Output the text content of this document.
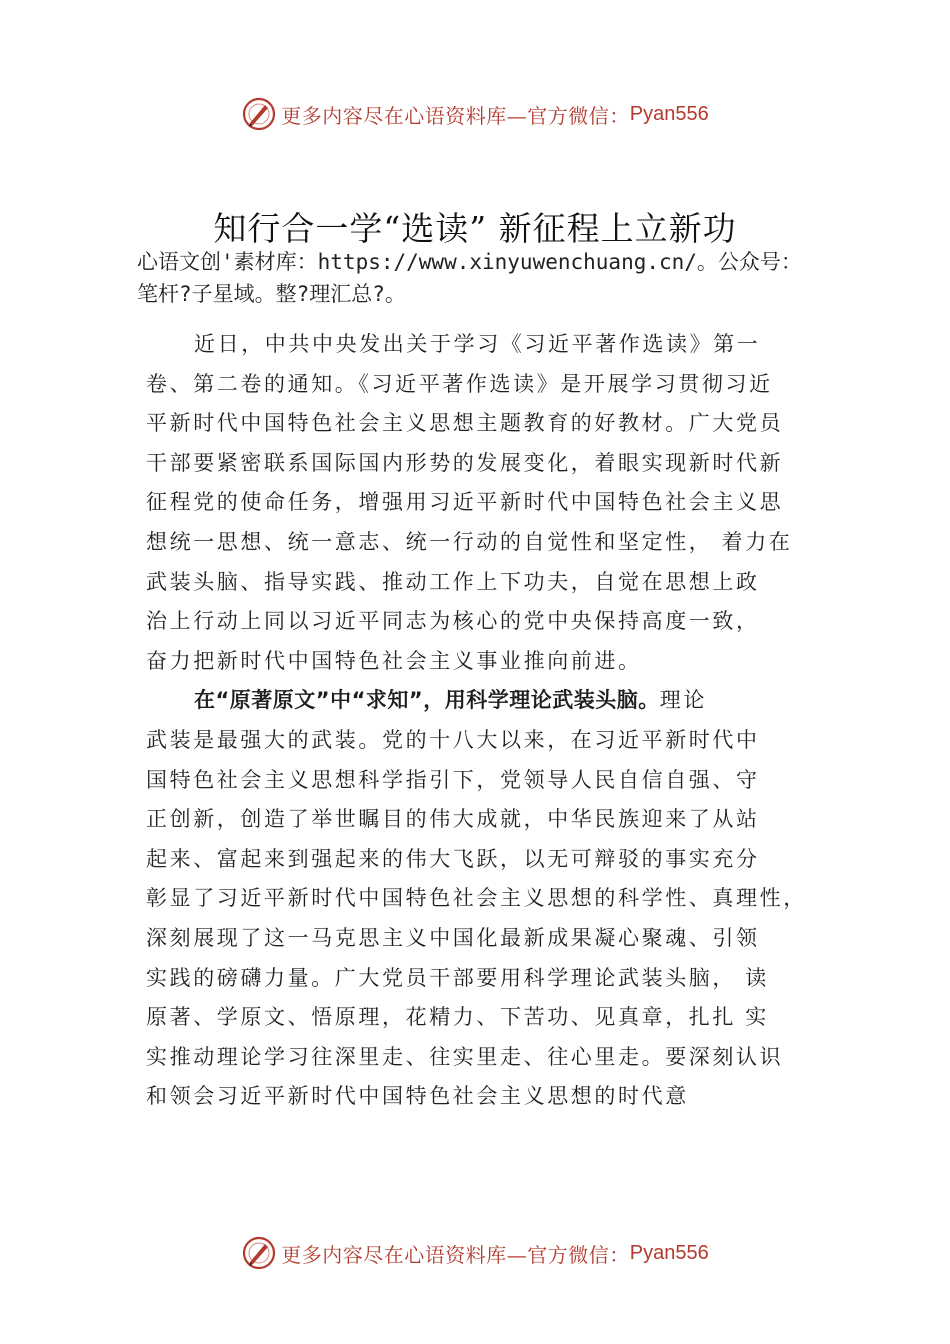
更多内容尽在心语资料库—官方微信： Pyan556
知行合一学“选读” 新征程上立新功
心语文创'素材库：https://www.xinyuwenchuang.cn/。公众号：
笔杆?子星域。整?理汇总?。
近日，中共中央发出关于学习《习近平著作选读》第一
卷、第二卷的通知。《习近平著作选读》是开展学习贯彻习近
平新时代中国特色社会主义思想主题教育的好教材。广大党员
干部要紧密联系国际国内形势的发展变化，着眼实现新时代新
征程党的使命任务，增强用习近平新时代中国特色社会主义思
想统一思想、统一意志、统一行动的自觉性和坚定性， 着力在
武装头脑、指导实践、推动工作上下功夫，自觉在思想上政
治上行动上同以习近平同志为核心的党中央保持高度一致，
奋力把新时代中国特色社会主义事业推向前进。
在“原著原文”中“求知”，用科学理论武装头脑。理论
武装是最强大的武装。党的十八大以来，在习近平新时代中
国特色社会主义思想科学指引下，党领导人民自信自强、守
正创新，创造了举世瞩目的伟大成就，中华民族迎来了从站
起来、富起来到强起来的伟大飞跃，以无可辩驳的事实充分
彰显了习近平新时代中国特色社会主义思想的科学性、真理性，
深刻展现了这一马克思主义中国化最新成果凝心聚魂、引领
实践的磅礴力量。广大党员干部要用科学理论武装头脑， 读
原著、学原文、悟原理，花精力、下苦功、见真章，扎扎 实
实推动理论学习往深里走、往实里走、往心里走。要深刻认识
和领会习近平新时代中国特色社会主义思想的时代意
更多内容尽在心语资料库—官方微信： Pyan556
